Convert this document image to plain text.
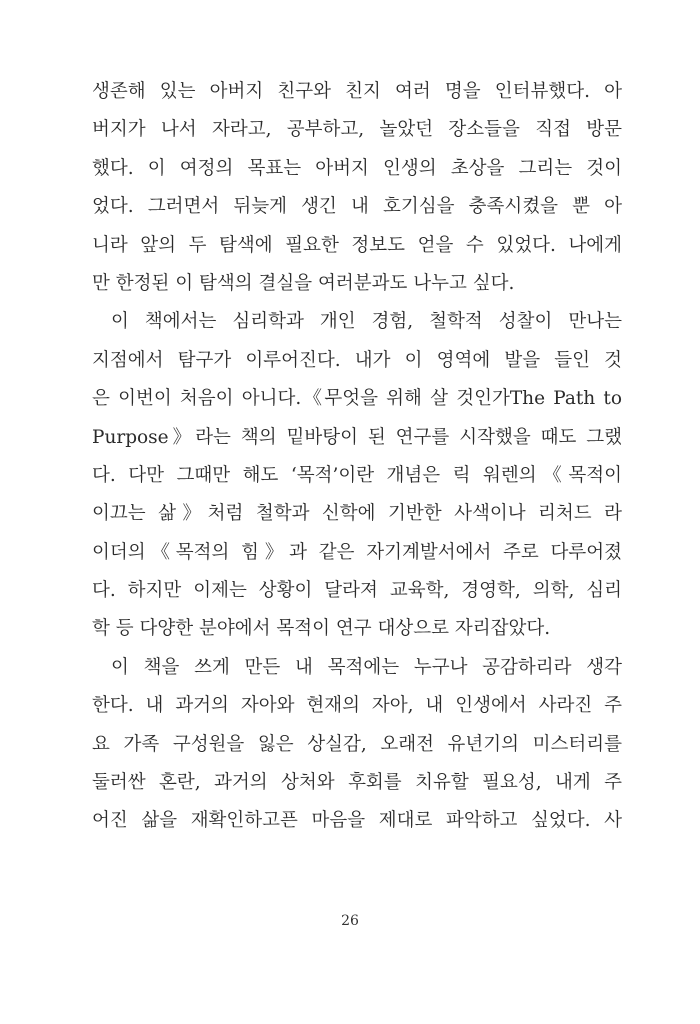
생존해 있는 아버지 친구와 친지 여러 명을 인터뷰했다. 아
버지가 나서 자라고, 공부하고, 놀았던 장소들을 직접 방문
했다. 이 여정의 목표는 아버지 인생의 초상을 그리는 것이
었다. 그러면서 뒤늦게 생긴 내 호기심을 충족시켰을 뿐 아
니라 앞의 두 탐색에 필요한 정보도 얻을 수 있었다. 나에게
만 한정된 이 탐색의 결실을 여러분과도 나누고 싶다.
이 책에서는 심리학과 개인 경험, 철학적 성찰이 만나는
지점에서 탐구가 이루어진다. 내가 이 영역에 발을 들인 것
은 이번이 처음이 아니다.《무엇을 위해 살 것인가The Path to
Purpose》라는 책의 밑바탕이 된 연구를 시작했을 때도 그랬
다. 다만 그때만 해도 ‘목적’이란 개념은 릭 워렌의《목적이
이끄는 삶》처럼 철학과 신학에 기반한 사색이나 리처드 라
이더의《목적의 힘》과 같은 자기계발서에서 주로 다루어졌
다. 하지만 이제는 상황이 달라져 교육학, 경영학, 의학, 심리
학 등 다양한 분야에서 목적이 연구 대상으로 자리잡았다.
이 책을 쓰게 만든 내 목적에는 누구나 공감하리라 생각
한다. 내 과거의 자아와 현재의 자아, 내 인생에서 사라진 주
요 가족 구성원을 잃은 상실감, 오래전 유년기의 미스터리를
둘러싼 혼란, 과거의 상처와 후회를 치유할 필요성, 내게 주
어진 삶을 재확인하고픈 마음을 제대로 파악하고 싶었다. 사
26
